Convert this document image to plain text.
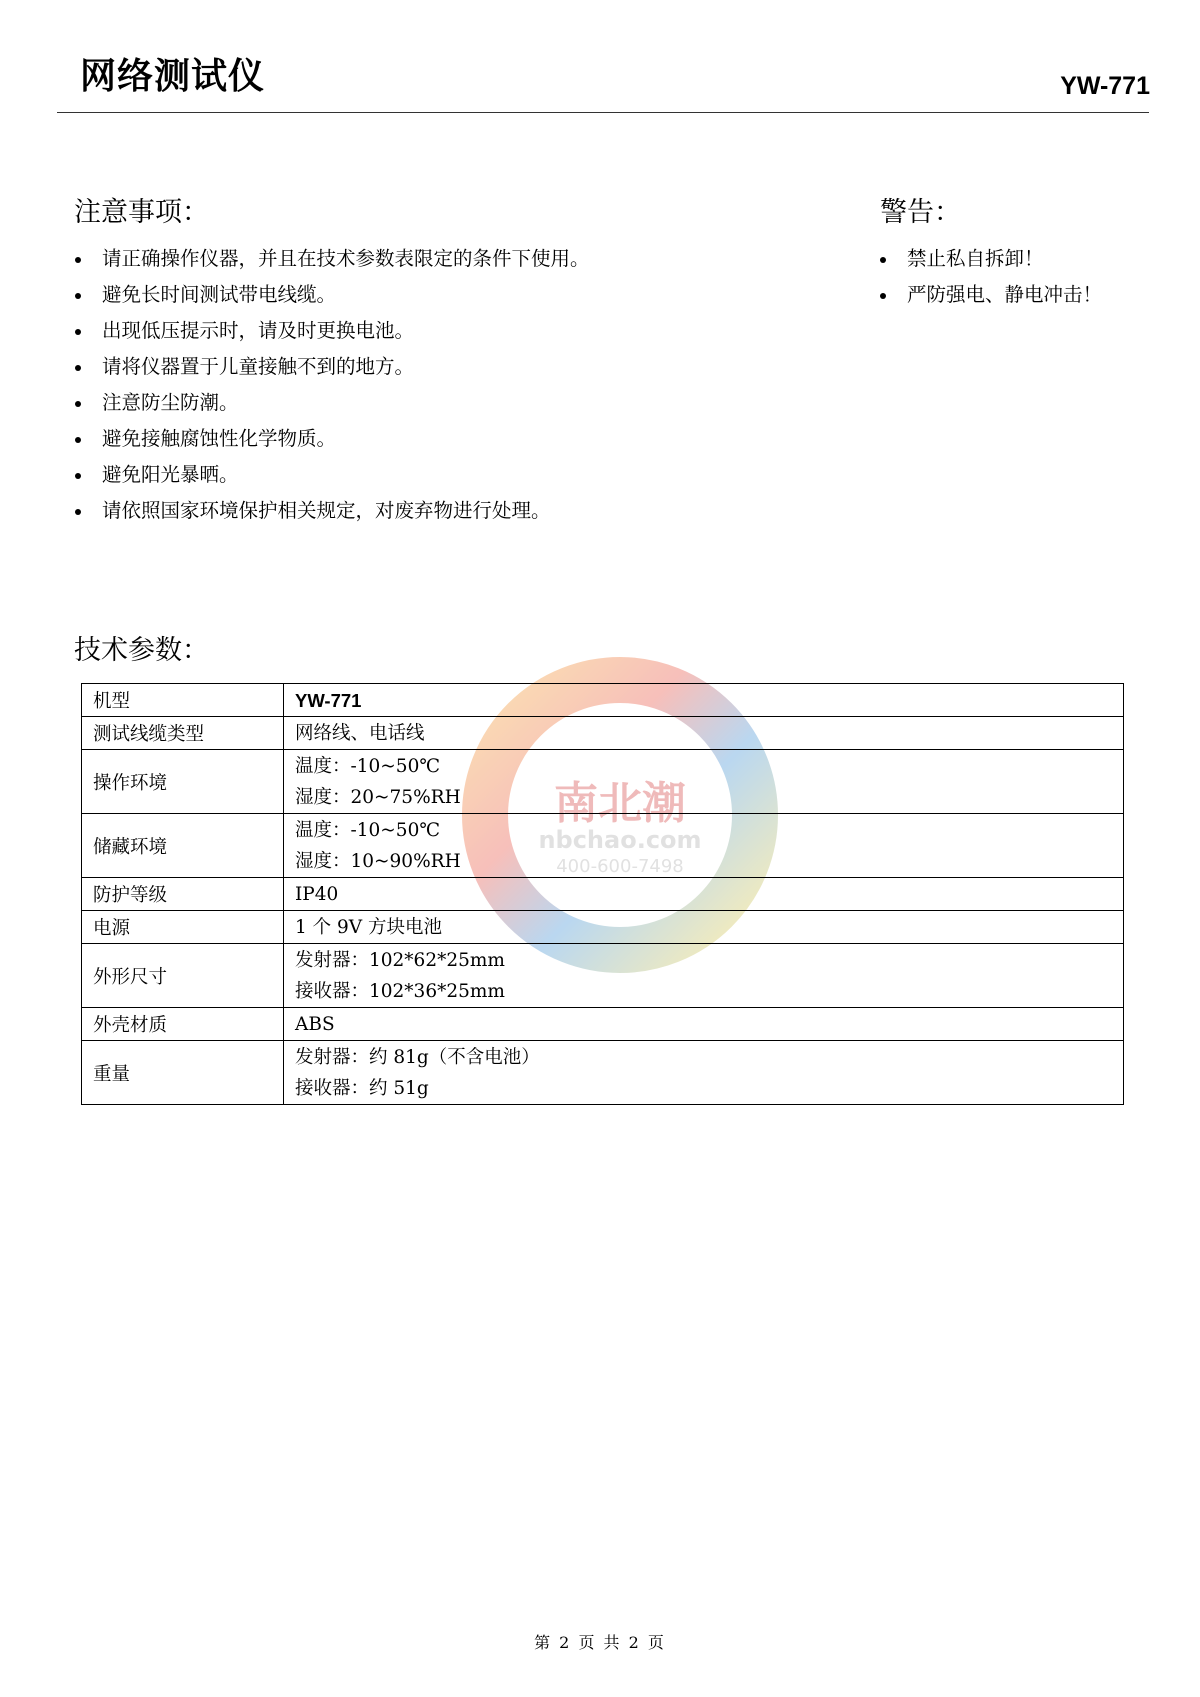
网络测试仪	YW-771
注意事项：
请正确操作仪器，并且在技术参数表限定的条件下使用。
避免长时间测试带电线缆。
出现低压提示时，请及时更换电池。
请将仪器置于儿童接触不到的地方。
注意防尘防潮。
避免接触腐蚀性化学物质。
避免阳光暴晒。
请依照国家环境保护相关规定，对废弃物进行处理。
警告：
禁止私自拆卸！
严防强电、静电冲击！
南北潮
nbchao.com
400-600-7498
技术参数：
机型	YW-771

测试线缆类型	网络线、电话线

操作环境	温度：-10~50℃
湿度：20~75%RH

储藏环境	温度：-10~50℃
湿度：10~90%RH

防护等级	IP40

电源	1 个 9V 方块电池

外形尺寸	发射器：102*62*25mm
接收器：102*36*25mm

外壳材质	ABS

重量	发射器：约 81g（不含电池）
接收器：约 51g
第 2 页 共 2 页
